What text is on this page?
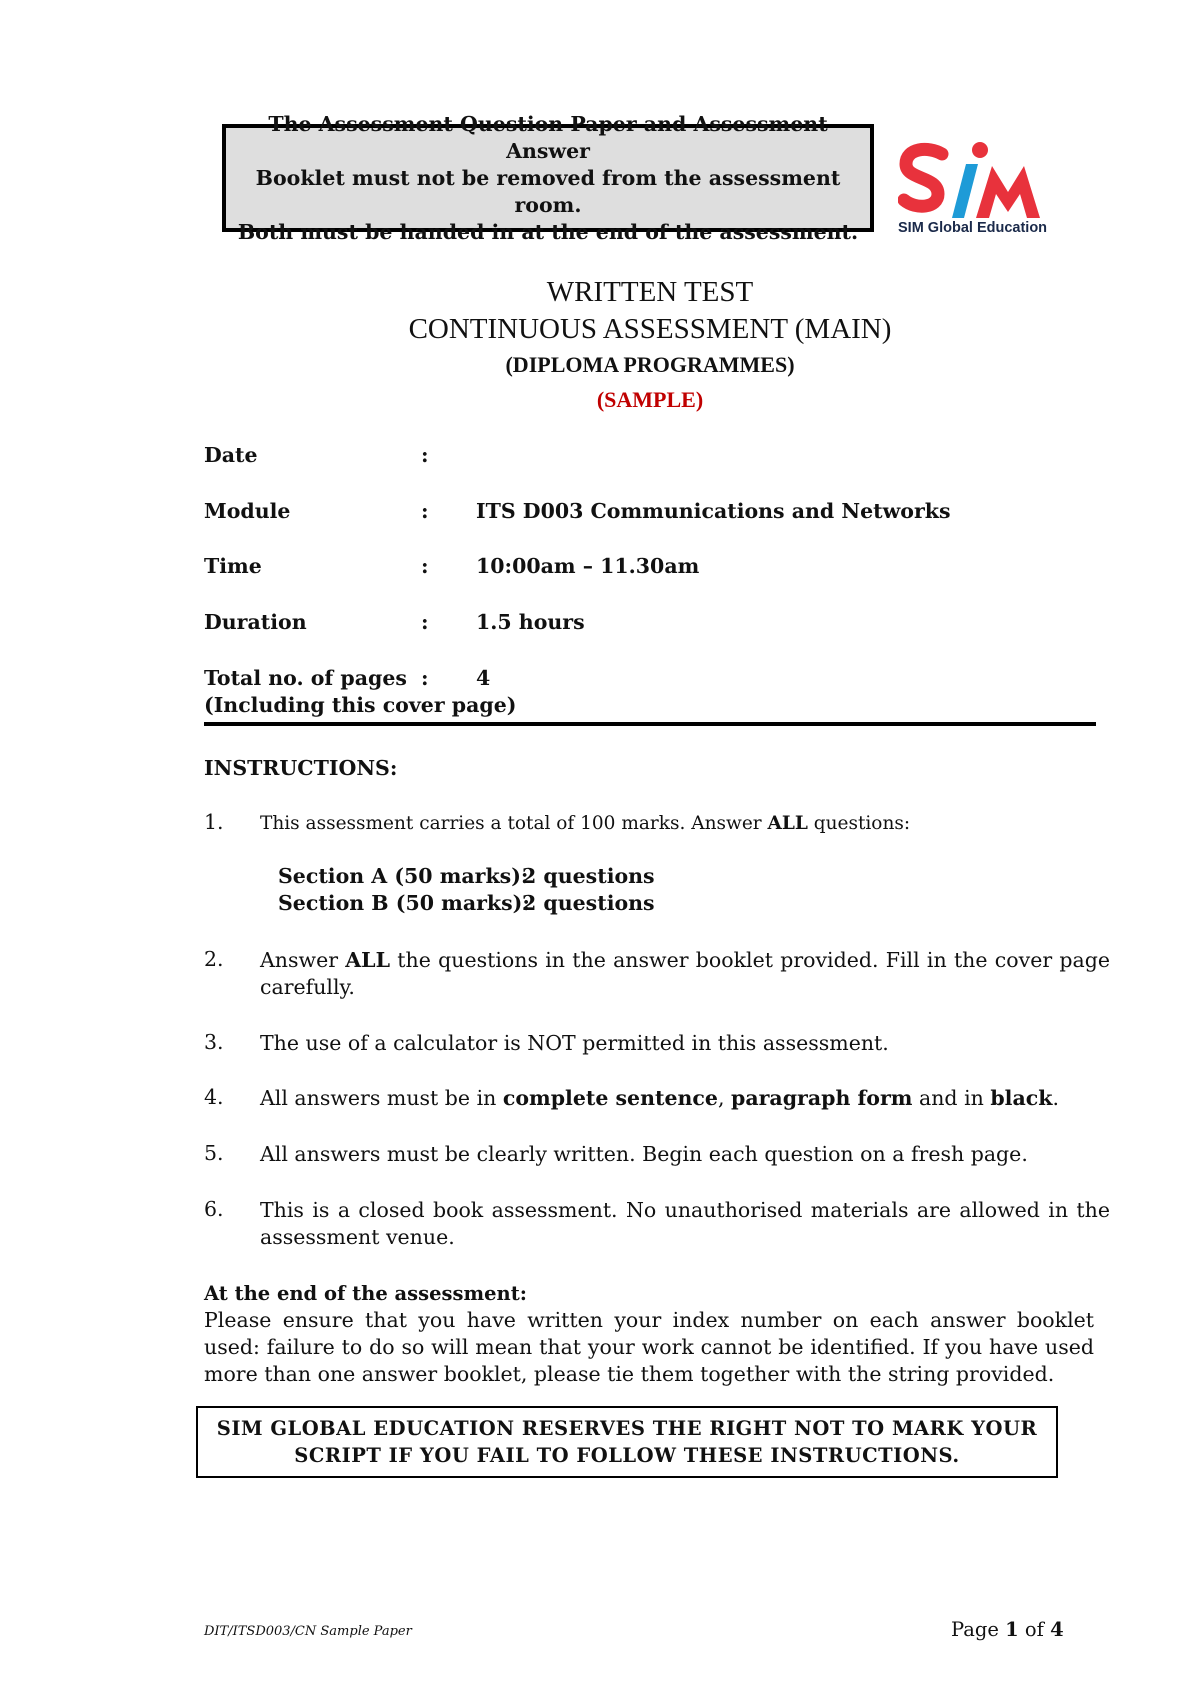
The Assessment Question Paper and Assessment Answer
Booklet must not be removed from the assessment room.
Both must be handed in at the end of the assessment.	SIM Global Education
WRITTEN TEST
CONTINUOUS ASSESSMENT (MAIN)
(DIPLOMA PROGRAMMES)
(SAMPLE)
Date	:
Module	: ITS D003 Communications and Networks
Time	: 10:00am – 11.30am
Duration	: 1.5 hours
Total no. of pages : 4
(Including this cover page)
INSTRUCTIONS:
1. This assessment carries a total of 100 marks. Answer ALL questions:
Section A (50 marks):
2 questions
Section B (50 marks):
2 questions
2. Answer ALL the questions in the answer booklet provided. Fill in the cover page carefully.
3. The use of a calculator is NOT permitted in this assessment.
4. All answers must be in complete sentence, paragraph form and in black.
5. All answers must be clearly written. Begin each question on a fresh page.
6. This is a closed book assessment. No unauthorised materials are allowed in the assessment venue.
At the end of the assessment:
Please ensure that you have written your index number on each answer booklet used: failure to do so will mean that your work cannot be identified. If you have used more than one answer booklet, please tie them together with the string provided.
SIM GLOBAL EDUCATION RESERVES THE RIGHT NOT TO MARK YOUR
SCRIPT IF YOU FAIL TO FOLLOW THESE INSTRUCTIONS.
DIT/ITSD003/CN Sample Paper	Page 1 of 4
